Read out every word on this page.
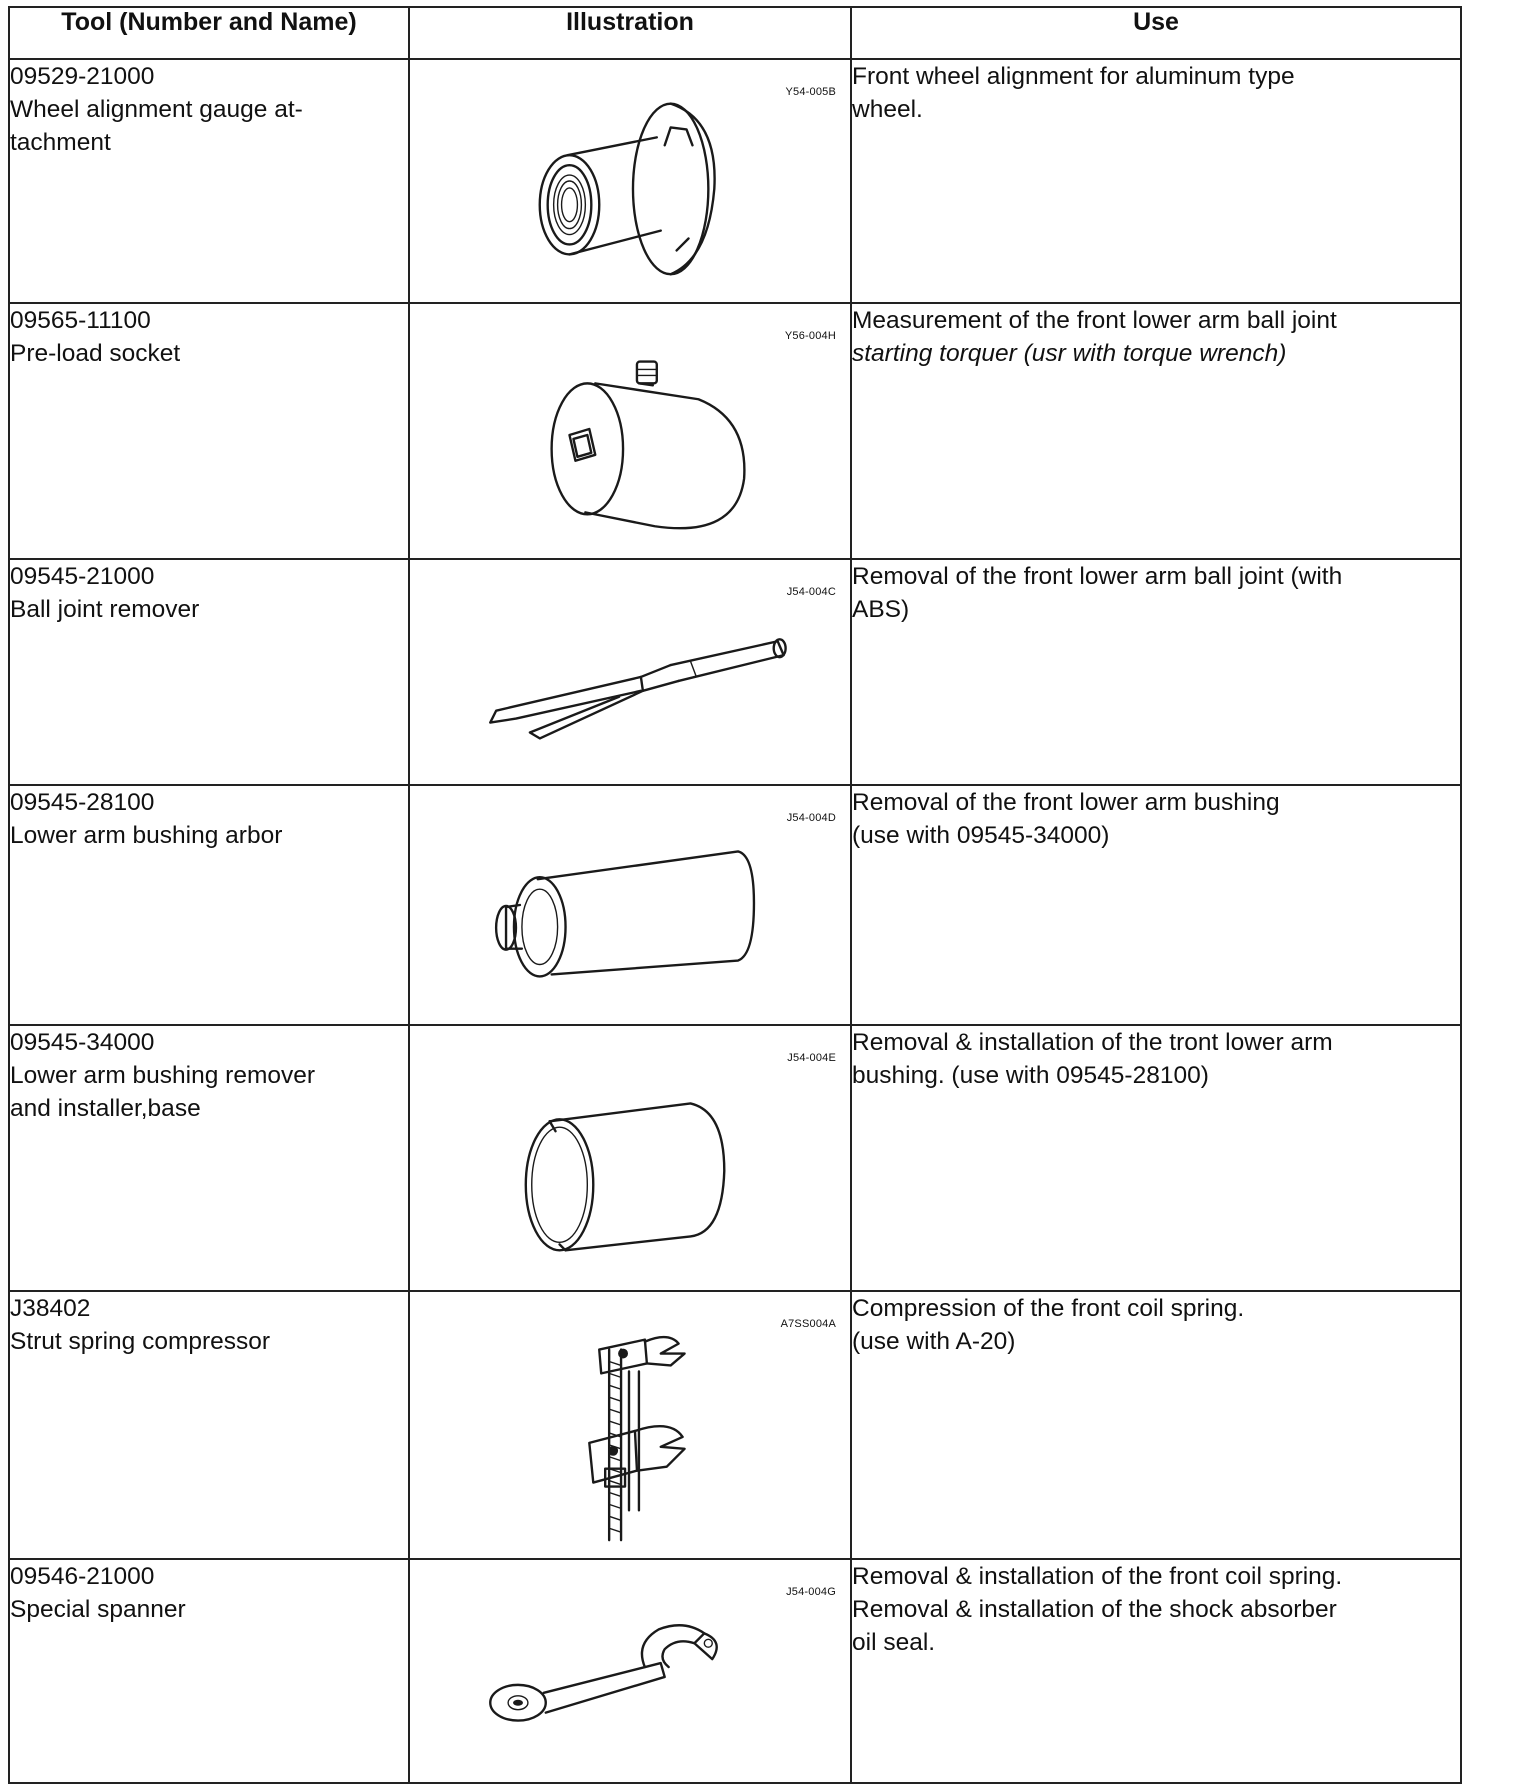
Tool (Number and Name)	Illustration	Use

09529-21000
Wheel alignment gauge at-
tachment	Y54-005B	Front wheel alignment for aluminum type
wheel.

09565-11100
Pre-load socket	Y56-004H	Measurement of the front lower arm ball joint
starting torquer (usr with torque wrench)

09545-21000
Ball joint remover	J54-004C	Removal of the front lower arm ball joint (with
ABS)

09545-28100
Lower arm bushing arbor	J54-004D	Removal of the front lower arm bushing
(use with 09545-34000)

09545-34000
Lower arm bushing remover
and installer,base	J54-004E	Removal & installation of the tront lower arm
bushing. (use with 09545-28100)

J38402
Strut spring compressor	A7SS004A	Compression of the front coil spring.
(use with A-20)

09546-21000
Special spanner	J54-004G	Removal & installation of the front coil spring.
Removal & installation of the shock absorber
oil seal.
